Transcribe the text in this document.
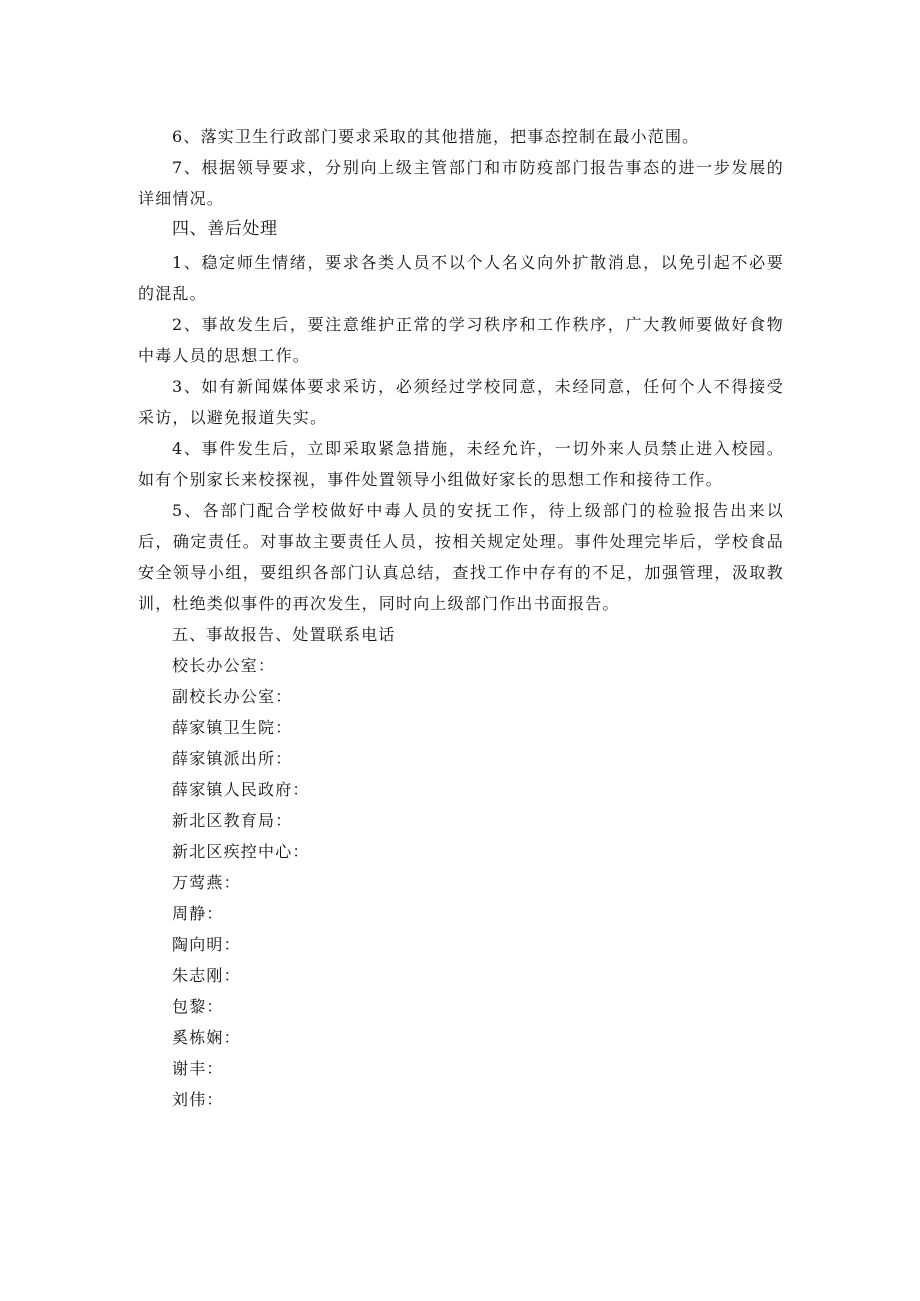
6、落实卫生行政部门要求采取的其他措施，把事态控制在最小范围。

7、根据领导要求，分别向上级主管部门和市防疫部门报告事态的进一步发展的详细情况。

四、善后处理

1、稳定师生情绪，要求各类人员不以个人名义向外扩散消息，以免引起不必要的混乱。

2、事故发生后，要注意维护正常的学习秩序和工作秩序，广大教师要做好食物中毒人员的思想工作。

3、如有新闻媒体要求采访，必须经过学校同意，未经同意，任何个人不得接受采访，以避免报道失实。

4、事件发生后，立即采取紧急措施，未经允许，一切外来人员禁止进入校园。如有个别家长来校探视，事件处置领导小组做好家长的思想工作和接待工作。

5、各部门配合学校做好中毒人员的安抚工作，待上级部门的检验报告出来以后，确定责任。对事故主要责任人员，按相关规定处理。事件处理完毕后，学校食品安全领导小组，要组织各部门认真总结，查找工作中存有的不足，加强管理，汲取教训，杜绝类似事件的再次发生，同时向上级部门作出书面报告。

五、事故报告、处置联系电话

校长办公室：

副校长办公室：

薛家镇卫生院：

薛家镇派出所：

薛家镇人民政府：

新北区教育局：

新北区疾控中心：

万莺燕：

周静：

陶向明：

朱志刚：

包黎：

奚栋娴：

谢丰：

刘伟：
